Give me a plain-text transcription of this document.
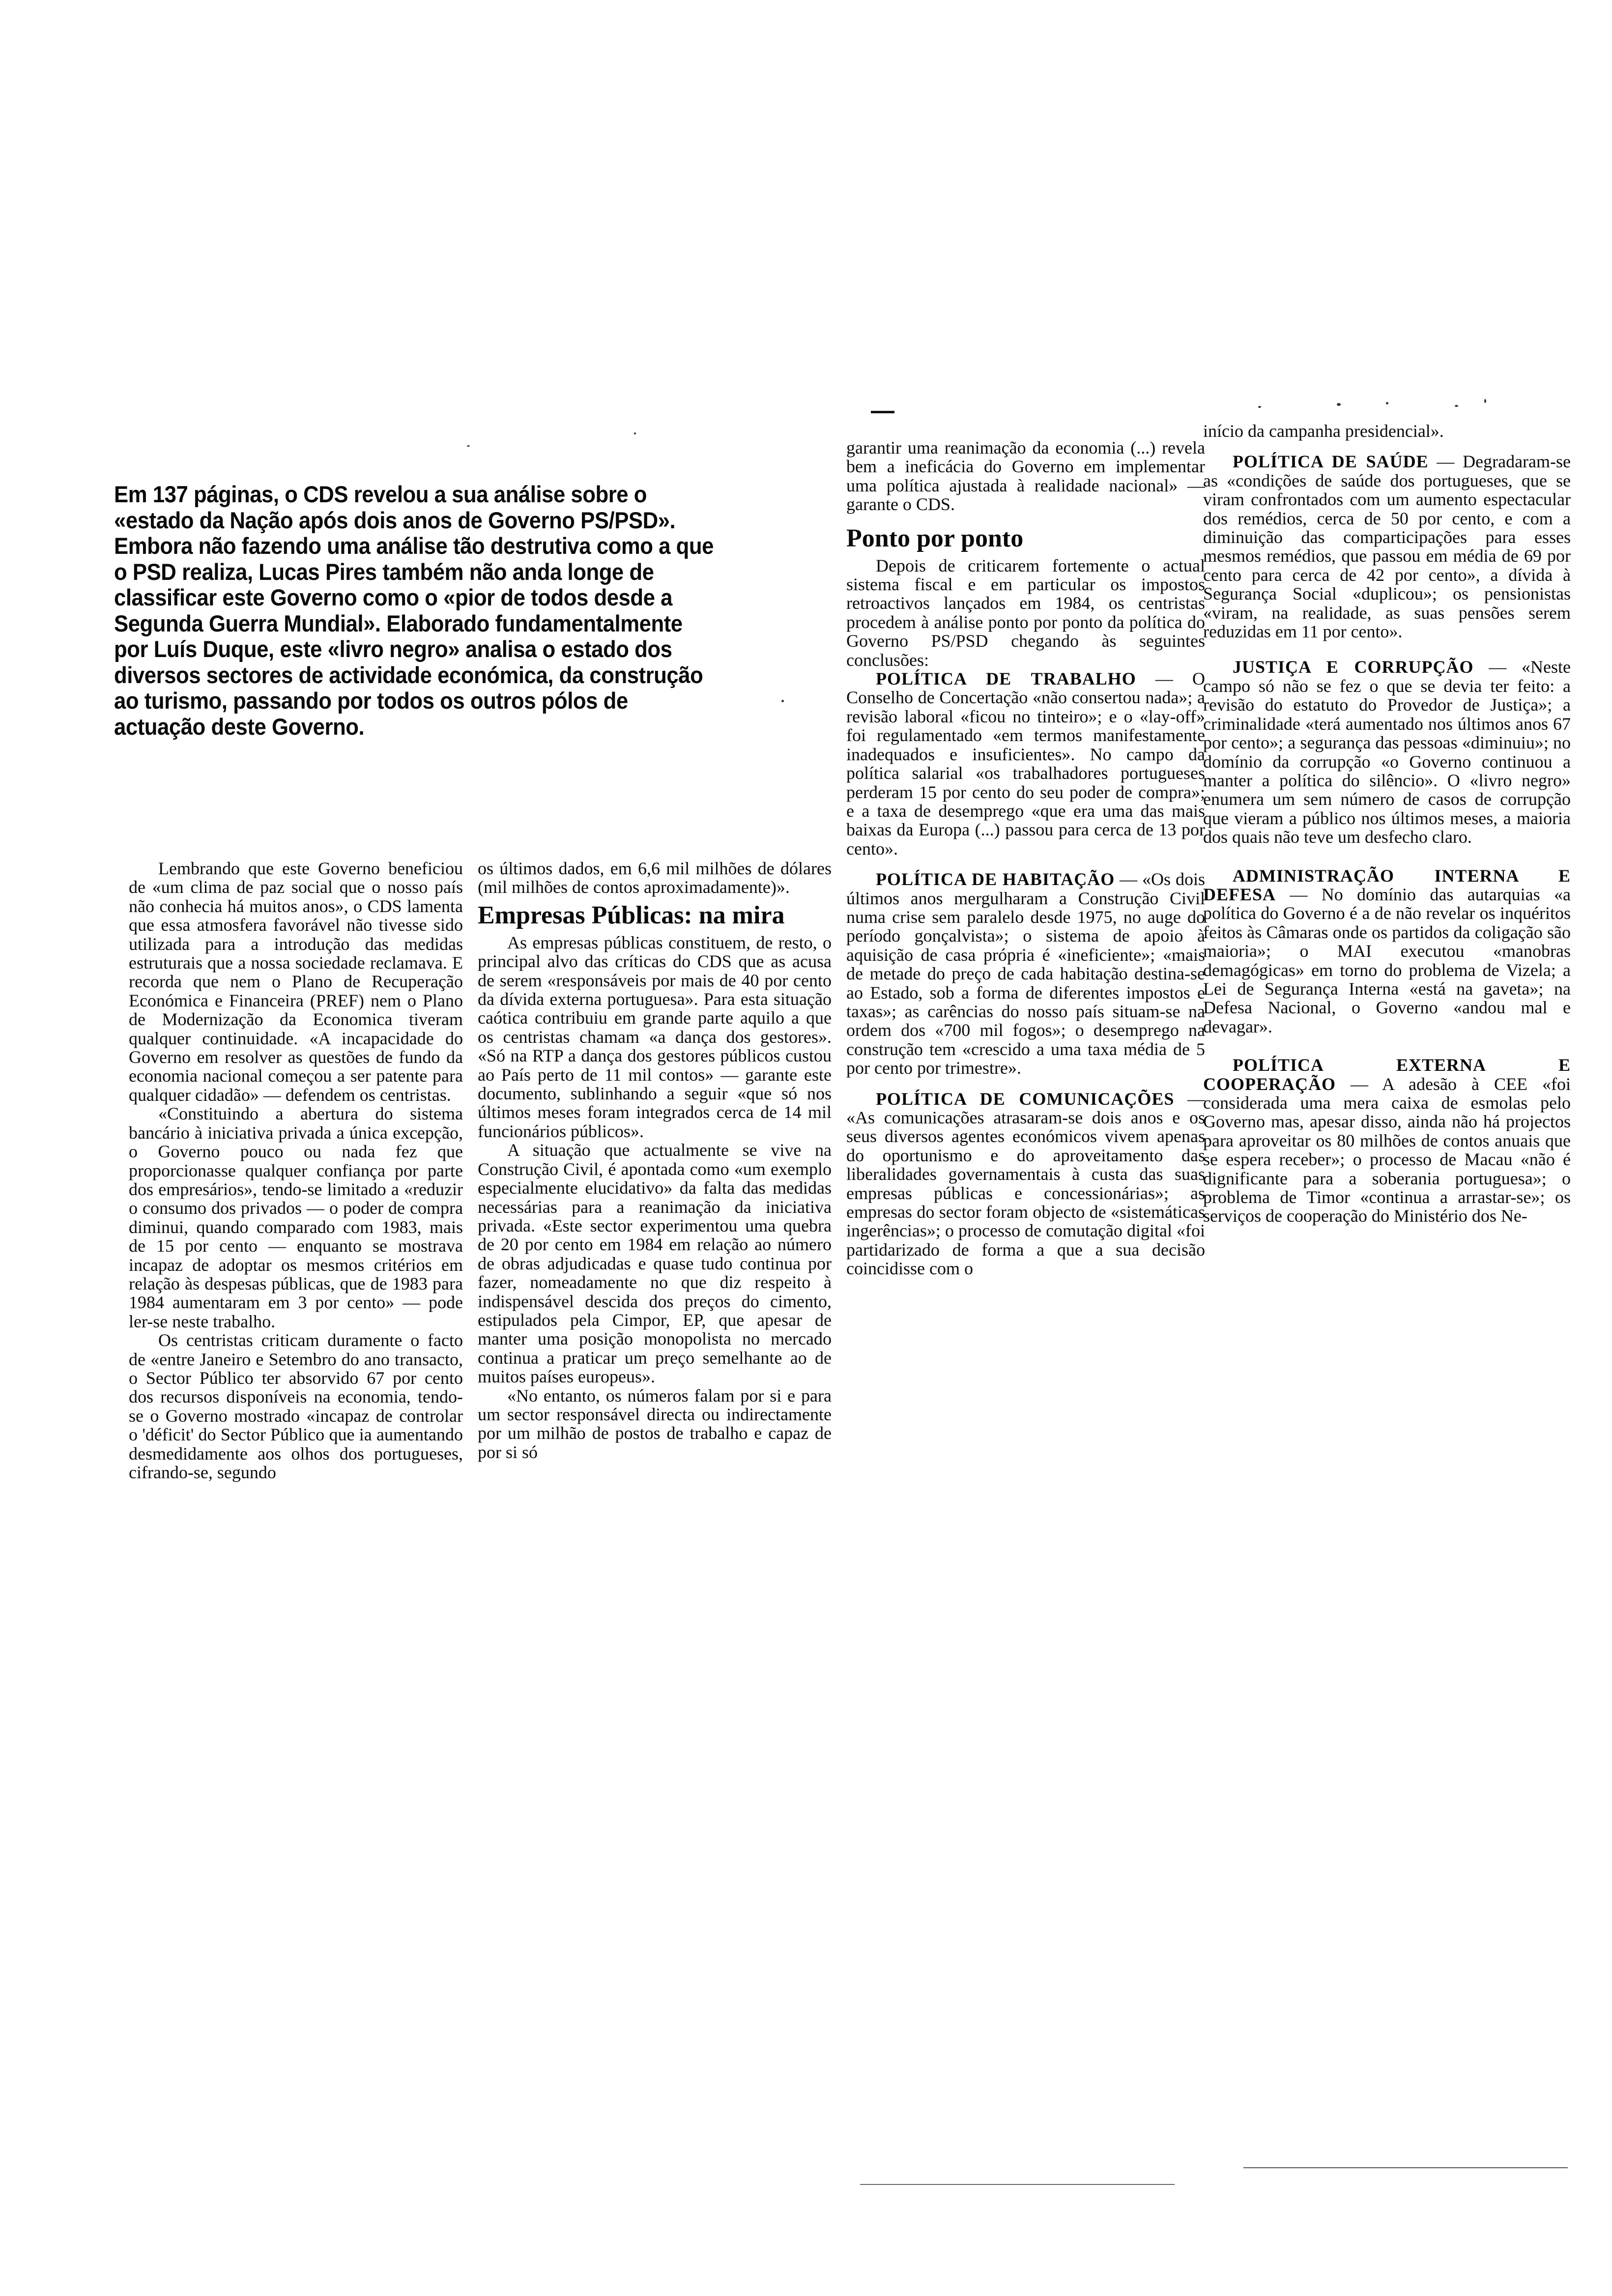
Em 137 páginas, o CDS revelou a sua análise sobre o «estado da Nação após dois anos de Governo PS/PSD». Embora não fazendo uma análise tão destrutiva como a que o PSD realiza, Lucas Pires também não anda longe de classificar este Governo como o «pior de todos desde a Segunda Guerra Mundial». Elaborado fundamentalmente por Luís Duque, este «livro negro» analisa o estado dos diversos sectores de actividade económica, da construção ao turismo, passando por todos os outros pólos de actuação deste Governo.

Lembrando que este Governo beneficiou de «um clima de paz social que o nosso país não conhecia há muitos anos», o CDS lamenta que essa atmosfera favorável não tivesse sido utilizada para a introdução das medidas estruturais que a nossa sociedade reclamava. E recorda que nem o Plano de Recuperação Económica e Financeira (PREF) nem o Plano de Modernização da Economica tiveram qualquer continuidade. «A incapacidade do Governo em resolver as questões de fundo da economia nacional começou a ser patente para qualquer cidadão» — defendem os centristas.

«Constituindo a abertura do sistema bancário à iniciativa privada a única excepção, o Governo pouco ou nada fez que proporcionasse qualquer confiança por parte dos empresários», tendo-se limitado a «reduzir o consumo dos privados — o poder de compra diminui, quando comparado com 1983, mais de 15 por cento — enquanto se mostrava incapaz de adoptar os mesmos critérios em relação às despesas públicas, que de 1983 para 1984 aumentaram em 3 por cento» — pode ler-se neste trabalho.

Os centristas criticam duramente o facto de «entre Janeiro e Setembro do ano transacto, o Sector Público ter absorvido 67 por cento dos recursos disponíveis na economia, tendo-se o Governo mostrado «incapaz de controlar o 'déficit' do Sector Público que ia aumentando desmedidamente aos olhos dos portugueses, cifrando-se, segundo

os últimos dados, em 6,6 mil milhões de dólares (mil milhões de contos aproximadamente)».

Empresas Públicas: na mira

As empresas públicas constituem, de resto, o principal alvo das críticas do CDS que as acusa de serem «responsáveis por mais de 40 por cento da dívida externa portuguesa». Para esta situação caótica contribuiu em grande parte aquilo a que os centristas chamam «a dança dos gestores». «Só na RTP a dança dos gestores públicos custou ao País perto de 11 mil contos» — garante este documento, sublinhando a seguir «que só nos últimos meses foram integrados cerca de 14 mil funcionários públicos».

A situação que actualmente se vive na Construção Civil, é apontada como «um exemplo especialmente elucidativo» da falta das medidas necessárias para a reanimação da iniciativa privada. «Este sector experimentou uma quebra de 20 por cento em 1984 em relação ao número de obras adjudicadas e quase tudo continua por fazer, nomeadamente no que diz respeito à indispensável descida dos preços do cimento, estipulados pela Cimpor, EP, que apesar de manter uma posição monopolista no mercado continua a praticar um preço semelhante ao de muitos países europeus».

«No entanto, os números falam por si e para um sector responsável directa ou indirectamente por um milhão de postos de trabalho e capaz de por si só

garantir uma reanimação da economia (...) revela bem a ineficácia do Governo em implementar uma política ajustada à realidade nacional» — garante o CDS.

Ponto por ponto

Depois de criticarem fortemente o actual sistema fiscal e em particular os impostos retroactivos lançados em 1984, os centristas procedem à análise ponto por ponto da política do Governo PS/PSD chegando às seguintes conclusões:

POLÍTICA DE TRABALHO — O Conselho de Concertação «não consertou nada»; a revisão laboral «ficou no tinteiro»; e o «lay-off» foi regulamentado «em termos manifestamente inadequados e insuficientes». No campo da política salarial «os trabalhadores portugueses perderam 15 por cento do seu poder de compra»; e a taxa de desemprego «que era uma das mais baixas da Europa (...) passou para cerca de 13 por cento».

POLÍTICA DE HABITAÇÃO — «Os dois últimos anos mergulharam a Construção Civil numa crise sem paralelo desde 1975, no auge do período gonçalvista»; o sistema de apoio à aquisição de casa própria é «ineficiente»; «mais de metade do preço de cada habitação destina-se ao Estado, sob a forma de diferentes impostos e taxas»; as carências do nosso país situam-se na ordem dos «700 mil fogos»; o desemprego na construção tem «crescido a uma taxa média de 5 por cento por trimestre».

POLÍTICA DE COMUNICAÇÕES — «As comunicações atrasaram-se dois anos e os seus diversos agentes económicos vivem apenas do oportunismo e do aproveitamento das liberalidades governamentais à custa das suas empresas públicas e concessionárias»; as empresas do sector foram objecto de «sistemáticas ingerências»; o processo de comutação digital «foi partidarizado de forma a que a sua decisão coincidisse com o

início da campanha presidencial».

POLÍTICA DE SAÚDE — Degradaram-se as «condições de saúde dos portugueses, que se viram confrontados com um aumento espectacular dos remédios, cerca de 50 por cento, e com a diminuição das comparticipações para esses mesmos remédios, que passou em média de 69 por cento para cerca de 42 por cento», a dívida à Segurança Social «duplicou»; os pensionistas «viram, na realidade, as suas pensões serem reduzidas em 11 por cento».

JUSTIÇA E CORRUPÇÃO — «Neste campo só não se fez o que se devia ter feito: a revisão do estatuto do Provedor de Justiça»; a criminalidade «terá aumentado nos últimos anos 67 por cento»; a segurança das pessoas «diminuiu»; no domínio da corrupção «o Governo continuou a manter a política do silêncio». O «livro negro» enumera um sem número de casos de corrupção que vieram a público nos últimos meses, a maioria dos quais não teve um desfecho claro.

ADMINISTRAÇÃO INTERNA E DEFESA — No domínio das autarquias «a política do Governo é a de não revelar os inquéritos feitos às Câmaras onde os partidos da coligação são maioria»; o MAI executou «manobras demagógicas» em torno do problema de Vizela; a Lei de Segurança Interna «está na gaveta»; na Defesa Nacional, o Governo «andou mal e devagar».

POLÍTICA EXTERNA E COOPERAÇÃO — A adesão à CEE «foi considerada uma mera caixa de esmolas pelo Governo mas, apesar disso, ainda não há projectos para aproveitar os 80 milhões de contos anuais que se espera receber»; o processo de Macau «não é dignificante para a soberania portuguesa»; o problema de Timor «continua a arrastar-se»; os serviços de cooperação do Ministério dos Ne-
